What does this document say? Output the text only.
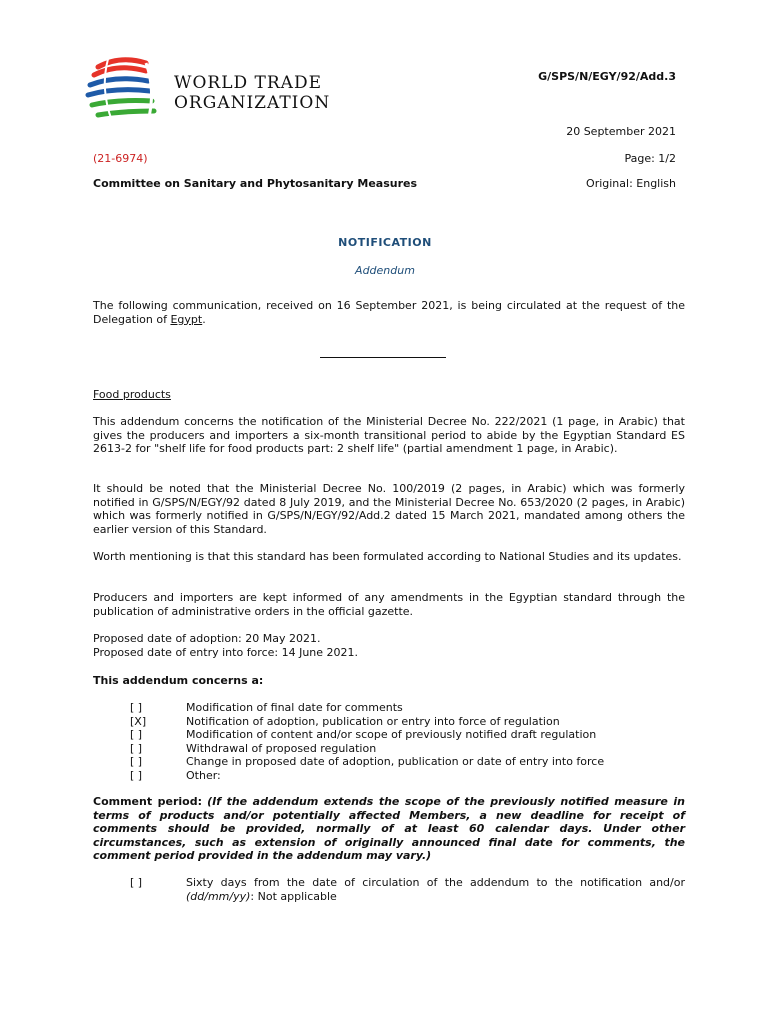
WORLD TRADE
ORGANIZATION
G/SPS/N/EGY/92/Add.3
20 September 2021
(21-6974)	Page: 1/2
Committee on Sanitary and Phytosanitary Measures	Original: English
NOTIFICATION
Addendum
The following communication, received on 16 September 2021, is being circulated at the request of the Delegation of Egypt.
Food products
This addendum concerns the notification of the Ministerial Decree No. 222/2021 (1 page, in Arabic) that gives the producers and importers a six-month transitional period to abide by the Egyptian Standard ES 2613-2 for "shelf life for food products part: 2 shelf life" (partial amendment 1 page, in Arabic).
It should be noted that the Ministerial Decree No. 100/2019 (2 pages, in Arabic) which was formerly notified in G/SPS/N/EGY/92 dated 8 July 2019, and the Ministerial Decree No. 653/2020 (2 pages, in Arabic) which was formerly notified in G/SPS/N/EGY/92/Add.2 dated 15 March 2021, mandated among others the earlier version of this Standard.
Worth mentioning is that this standard has been formulated according to National Studies and its updates.
Producers and importers are kept informed of any amendments in the Egyptian standard through the publication of administrative orders in the official gazette.
Proposed date of adoption: 20 May 2021.
Proposed date of entry into force: 14 June 2021.
This addendum concerns a:
[ ]	Modification of final date for comments
[X]	Notification of adoption, publication or entry into force of regulation
[ ]	Modification of content and/or scope of previously notified draft regulation
[ ]	Withdrawal of proposed regulation
[ ]	Change in proposed date of adoption, publication or date of entry into force
[ ]	Other:
Comment period: (If the addendum extends the scope of the previously notified measure in terms of products and/or potentially affected Members, a new deadline for receipt of comments should be provided, normally of at least 60 calendar days. Under other circumstances, such as extension of originally announced final date for comments, the comment period provided in the addendum may vary.)
[ ]	Sixty days from the date of circulation of the addendum to the notification and/or (dd/mm/yy): Not applicable
